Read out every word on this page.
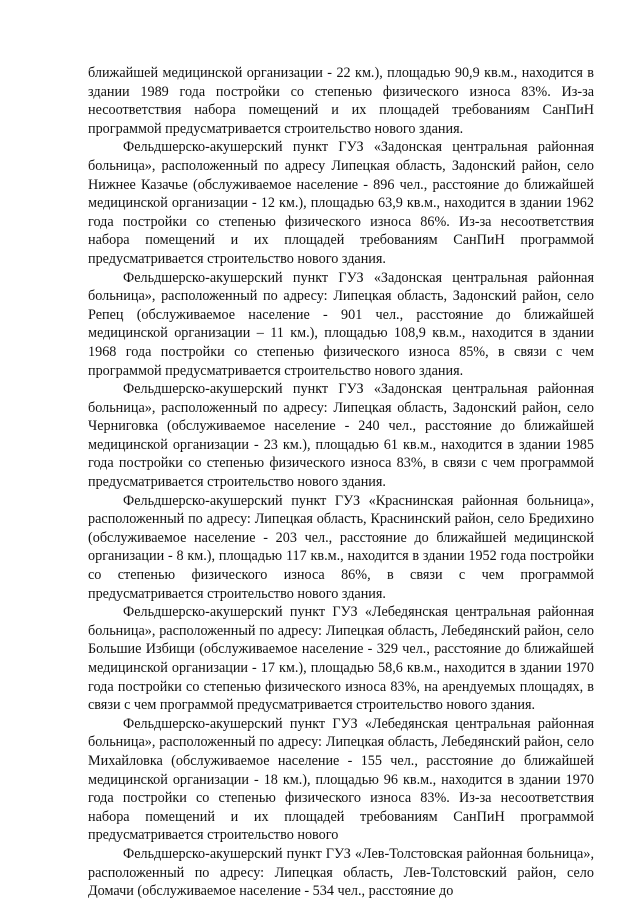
ближайшей медицинской организации - 22 км.), площадью 90,9 кв.м., находится в здании 1989 года постройки со степенью физического износа 83%. Из-за несоответствия набора помещений и их площадей требованиям СанПиН программой предусматривается строительство нового здания.

Фельдшерско-акушерский пункт ГУЗ «Задонская центральная районная больница», расположенный по адресу Липецкая область, Задонский район, село Нижнее Казачье (обслуживаемое население - 896 чел., расстояние до ближайшей медицинской организации - 12 км.), площадью 63,9 кв.м., находится в здании 1962 года постройки со степенью физического износа 86%. Из-за несоответствия набора помещений и их площадей требованиям СанПиН программой предусматривается строительство нового здания.

Фельдшерско-акушерский пункт ГУЗ «Задонская центральная районная больница», расположенный по адресу: Липецкая область, Задонский район, село Репец (обслуживаемое население - 901 чел., расстояние до ближайшей медицинской организации – 11 км.), площадью 108,9 кв.м., находится в здании 1968 года постройки со степенью физического износа 85%, в связи с чем программой предусматривается строительство нового здания.

Фельдшерско-акушерский пункт ГУЗ «Задонская центральная районная больница», расположенный по адресу: Липецкая область, Задонский район, село Черниговка (обслуживаемое население - 240 чел., расстояние до ближайшей медицинской организации - 23 км.), площадью 61 кв.м., находится в здании 1985 года постройки со степенью физического износа 83%, в связи с чем программой предусматривается строительство нового здания.

Фельдшерско-акушерский пункт ГУЗ «Краснинская районная больница», расположенный по адресу: Липецкая область, Краснинский район, село Бредихино (обслуживаемое население - 203 чел., расстояние до ближайшей медицинской организации - 8 км.), площадью 117 кв.м., находится в здании 1952 года постройки со степенью физического износа 86%, в связи с чем программой предусматривается строительство нового здания.

Фельдшерско-акушерский пункт ГУЗ «Лебедянская центральная районная больница», расположенный по адресу: Липецкая область, Лебедянский район, село Большие Избищи (обслуживаемое население - 329 чел., расстояние до ближайшей медицинской организации - 17 км.), площадью 58,6 кв.м., находится в здании 1970 года постройки со степенью физического износа 83%, на арендуемых площадях, в связи с чем программой предусматривается строительство нового здания.

Фельдшерско-акушерский пункт ГУЗ «Лебедянская центральная районная больница», расположенный по адресу: Липецкая область, Лебедянский район, село Михайловка (обслуживаемое население - 155 чел., расстояние до ближайшей медицинской организации - 18 км.), площадью 96 кв.м., находится в здании 1970 года постройки со степенью физического износа 83%. Из-за несоответствия набора помещений и их площадей требованиям СанПиН программой предусматривается строительство нового

Фельдшерско-акушерский пункт ГУЗ «Лев-Толстовская районная больница», расположенный по адресу: Липецкая область, Лев-Толстовский район, село Домачи (обслуживаемое население - 534 чел., расстояние до
